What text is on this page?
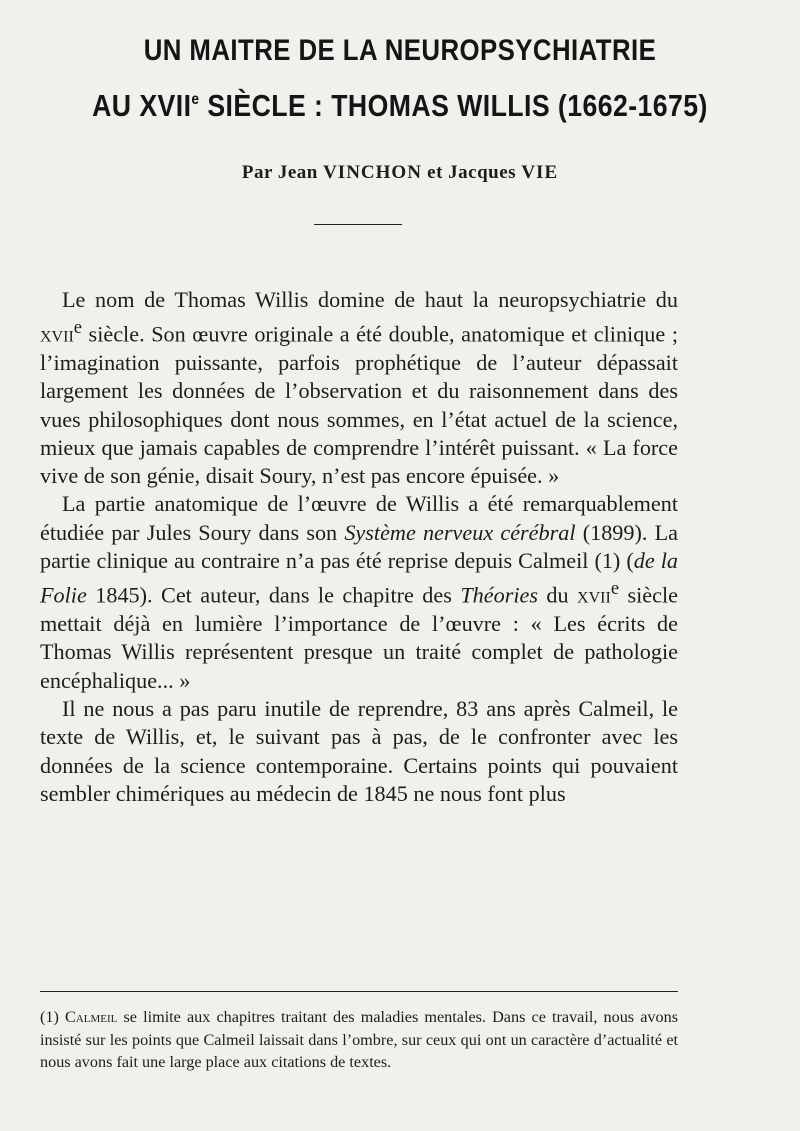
UN MAITRE DE LA NEUROPSYCHIATRIE
AU XVIIe SIÈCLE : THOMAS WILLIS (1662-1675)
Par Jean VINCHON et Jacques VIE

Le nom de Thomas Willis domine de haut la neuropsychiatrie du xvii$^e$ siècle. Son œuvre originale a été double, anatomique et clinique ; l’imagination puissante, parfois prophétique de l’auteur dépassait largement les données de l’observation et du raisonnement dans des vues philosophiques dont nous sommes, en l’état actuel de la science, mieux que jamais capables de comprendre l’intérêt puissant. « La force vive de son génie, disait Soury, n’est pas encore épuisée. »

La partie anatomique de l’œuvre de Willis a été remarquablement étudiée par Jules Soury dans son Système nerveux cérébral (1899). La partie clinique au contraire n’a pas été reprise depuis Calmeil (1) (de la Folie 1845). Cet auteur, dans le chapitre des Théories du xvii$^e$ siècle mettait déjà en lumière l’importance de l’œuvre : « Les écrits de Thomas Willis représentent presque un traité complet de pathologie encéphalique... »

Il ne nous a pas paru inutile de reprendre, 83 ans après Calmeil, le texte de Willis, et, le suivant pas à pas, de le confronter avec les données de la science contemporaine. Certains points qui pouvaient sembler chimériques au médecin de 1845 ne nous font plus

(1) Calmeil se limite aux chapitres traitant des maladies mentales. Dans ce travail, nous avons insisté sur les points que Calmeil laissait dans l’ombre, sur ceux qui ont un caractère d’actualité et nous avons fait une large place aux citations de textes.
